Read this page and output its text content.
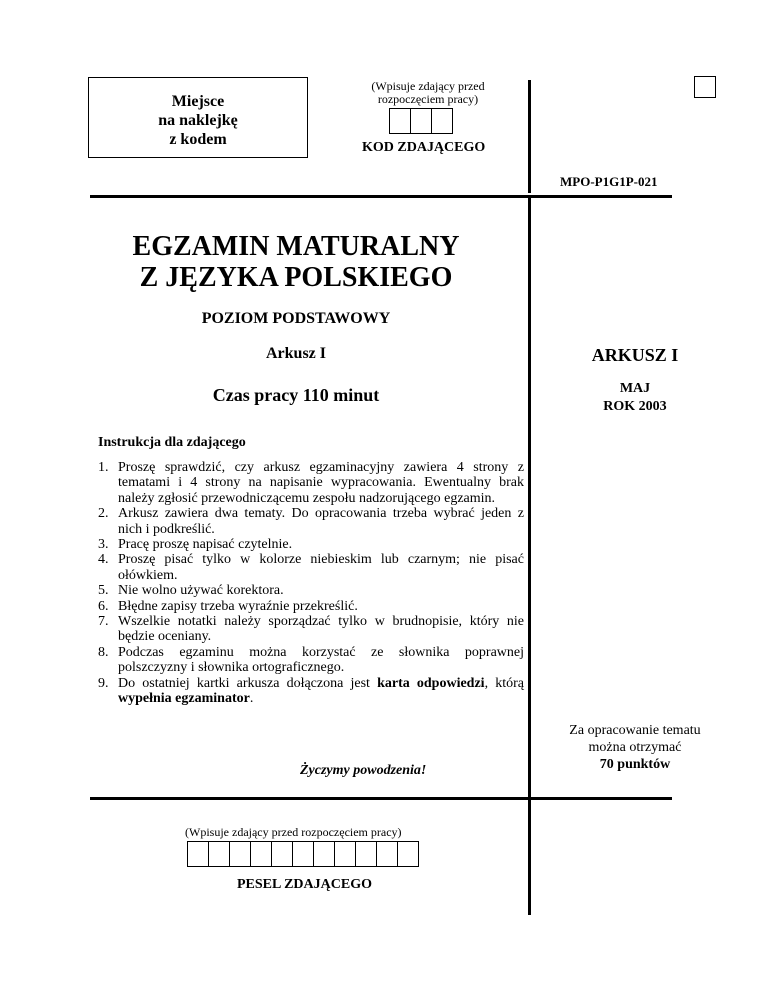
Miejsce
na naklejkę
z kodem
(Wpisuje zdający przed
rozpoczęciem pracy)
KOD ZDAJĄCEGO
MPO-P1G1P-021
EGZAMIN MATURALNY
Z JĘZYKA POLSKIEGO
POZIOM PODSTAWOWY
Arkusz I
Czas pracy 110 minut
ARKUSZ I
MAJ
ROK 2003
Za opracowanie tematu
można otrzymać
70 punktów
Instrukcja dla zdającego
1. Proszę sprawdzić, czy arkusz egzaminacyjny zawiera 4 strony z tematami i 4 strony na napisanie wypracowania. Ewentualny brak należy zgłosić przewodniczącemu zespołu nadzorującego egzamin.
2. Arkusz zawiera dwa tematy. Do opracowania trzeba wybrać jeden z nich i podkreślić.
3. Pracę proszę napisać czytelnie.
4. Proszę pisać tylko w kolorze niebieskim lub czarnym; nie pisać ołówkiem.
5. Nie wolno używać korektora.
6. Błędne zapisy trzeba wyraźnie przekreślić.
7. Wszelkie notatki należy sporządzać tylko w brudnopisie, który nie będzie oceniany.
8. Podczas egzaminu można korzystać ze słownika poprawnej polszczyzny i słownika ortograficznego.
9. Do ostatniej kartki arkusza dołączona jest karta odpowiedzi, którą wypełnia egzaminator.
Życzymy powodzenia!
(Wpisuje zdający przed rozpoczęciem pracy)
PESEL ZDAJĄCEGO
